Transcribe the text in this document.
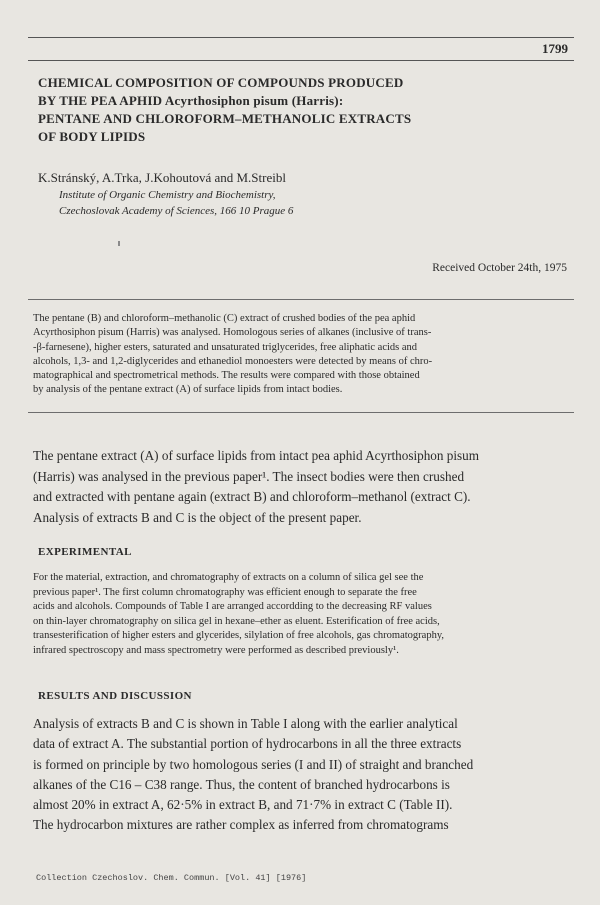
1799
CHEMICAL COMPOSITION OF COMPOUNDS PRODUCED
BY THE PEA APHID Acyrthosiphon pisum (Harris):
PENTANE AND CHLOROFORM–METHANOLIC EXTRACTS
OF BODY LIPIDS
K.Stránský, A.Trka, J.Kohoutová and M.Streibl
Institute of Organic Chemistry and Biochemistry,
Czechoslovak Academy of Sciences, 166 10 Prague 6
Received October 24th, 1975
The pentane (B) and chloroform–methanolic (C) extract of crushed bodies of the pea aphid
Acyrthosiphon pisum (Harris) was analysed. Homologous series of alkanes (inclusive of trans-
-β-farnesene), higher esters, saturated and unsaturated triglycerides, free aliphatic acids and
alcohols, 1,3- and 1,2-diglycerides and ethanediol monoesters were detected by means of chro-
matographical and spectrometrical methods. The results were compared with those obtained
by analysis of the pentane extract (A) of surface lipids from intact bodies.
The pentane extract (A) of surface lipids from intact pea aphid Acyrthosiphon pisum
(Harris) was analysed in the previous paper¹. The insect bodies were then crushed
and extracted with pentane again (extract B) and chloroform–methanol (extract C).
Analysis of extracts B and C is the object of the present paper.
EXPERIMENTAL
For the material, extraction, and chromatography of extracts on a column of silica gel see the
previous paper¹. The first column chromatography was efficient enough to separate the free
acids and alcohols. Compounds of Table I are arranged accordding to the decreasing RF values
on thin-layer chromatography on silica gel in hexane–ether as eluent. Esterification of free acids,
transesterification of higher esters and glycerides, silylation of free alcohols, gas chromatography,
infrared spectroscopy and mass spectrometry were performed as described previously¹.
RESULTS AND DISCUSSION
Analysis of extracts B and C is shown in Table I along with the earlier analytical
data of extract A. The substantial portion of hydrocarbons in all the three extracts
is formed on principle by two homologous series (I and II) of straight and branched
alkanes of the C16 – C38 range. Thus, the content of branched hydrocarbons is
almost 20% in extract A, 62·5% in extract B, and 71·7% in extract C (Table II).
The hydrocarbon mixtures are rather complex as inferred from chromatograms
Collection Czechoslov. Chem. Commun. [Vol. 41] [1976]
